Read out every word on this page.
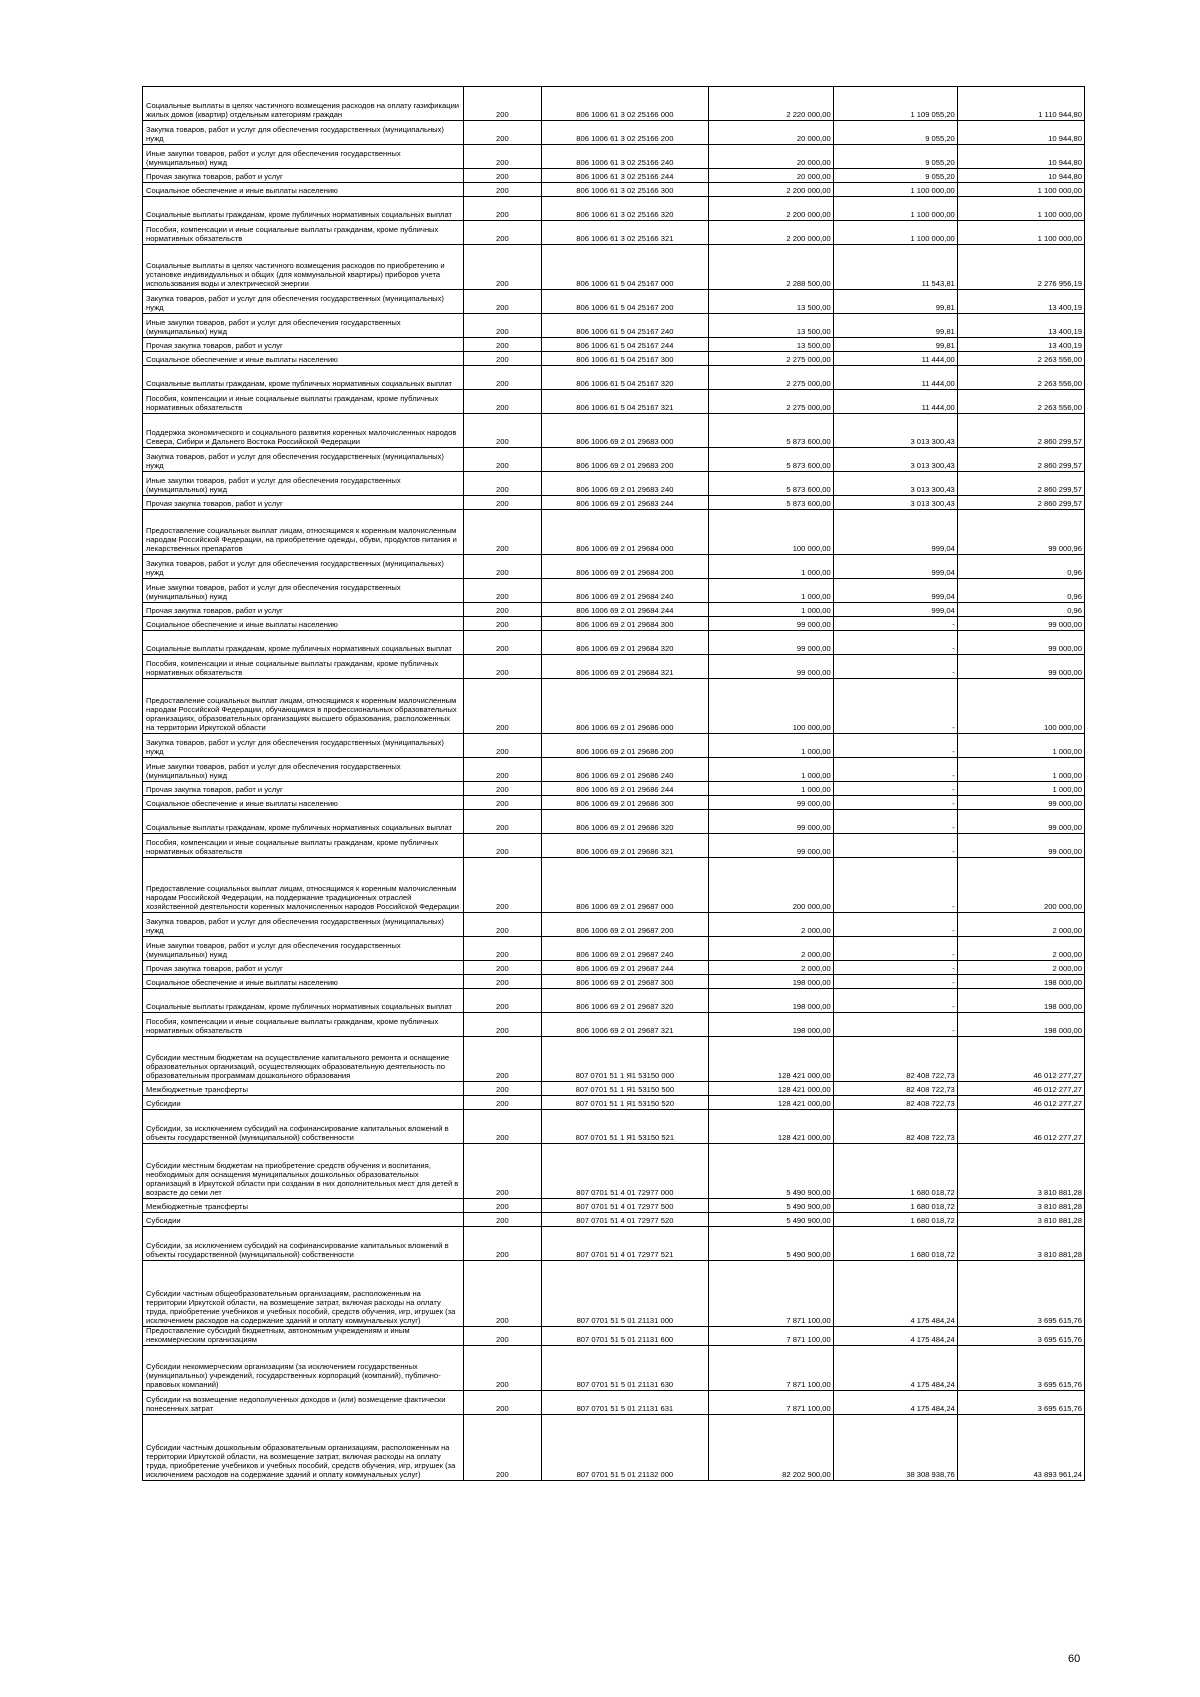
Социальные выплаты в целях частичного возмещения расходов на оплату газификации жилых домов (квартир) отдельным категориям граждан	200	806 1006 61 3 02 25166 000	2 220 000,00	1 109 055,20	1 110 944,80
Закупка товаров, работ и услуг для обеспечения государственных (муниципальных) нужд	200	806 1006 61 3 02 25166 200	20 000,00	9 055,20	10 944,80
Иные закупки товаров, работ и услуг для обеспечения государственных (муниципальных) нужд	200	806 1006 61 3 02 25166 240	20 000,00	9 055,20	10 944,80
Прочая закупка товаров, работ и услуг	200	806 1006 61 3 02 25166 244	20 000,00	9 055,20	10 944,80
Социальное обеспечение и иные выплаты населению	200	806 1006 61 3 02 25166 300	2 200 000,00	1 100 000,00	1 100 000,00
Социальные выплаты гражданам, кроме публичных нормативных социальных выплат	200	806 1006 61 3 02 25166 320	2 200 000,00	1 100 000,00	1 100 000,00
Пособия, компенсации и иные социальные выплаты гражданам, кроме публичных нормативных обязательств	200	806 1006 61 3 02 25166 321	2 200 000,00	1 100 000,00	1 100 000,00
Социальные выплаты в целях частичного возмещения расходов по приобретению и установке индивидуальных и общих (для коммунальной квартиры) приборов учета использования воды и электрической энергии	200	806 1006 61 5 04 25167 000	2 288 500,00	11 543,81	2 276 956,19
Закупка товаров, работ и услуг для обеспечения государственных (муниципальных) нужд	200	806 1006 61 5 04 25167 200	13 500,00	99,81	13 400,19
Иные закупки товаров, работ и услуг для обеспечения государственных (муниципальных) нужд	200	806 1006 61 5 04 25167 240	13 500,00	99,81	13 400,19
Прочая закупка товаров, работ и услуг	200	806 1006 61 5 04 25167 244	13 500,00	99,81	13 400,19
Социальное обеспечение и иные выплаты населению	200	806 1006 61 5 04 25167 300	2 275 000,00	11 444,00	2 263 556,00
Социальные выплаты гражданам, кроме публичных нормативных социальных выплат	200	806 1006 61 5 04 25167 320	2 275 000,00	11 444,00	2 263 556,00
Пособия, компенсации и иные социальные выплаты гражданам, кроме публичных нормативных обязательств	200	806 1006 61 5 04 25167 321	2 275 000,00	11 444,00	2 263 556,00
Поддержка экономического и социального развития коренных малочисленных народов Севера, Сибири и Дальнего Востока Российской Федерации	200	806 1006 69 2 01 29683 000	5 873 600,00	3 013 300,43	2 860 299,57
Закупка товаров, работ и услуг для обеспечения государственных (муниципальных) нужд	200	806 1006 69 2 01 29683 200	5 873 600,00	3 013 300,43	2 860 299,57
Иные закупки товаров, работ и услуг для обеспечения государственных (муниципальных) нужд	200	806 1006 69 2 01 29683 240	5 873 600,00	3 013 300,43	2 860 299,57
Прочая закупка товаров, работ и услуг	200	806 1006 69 2 01 29683 244	5 873 600,00	3 013 300,43	2 860 299,57
Предоставление социальных выплат лицам, относящимся к коренным малочисленным народам Российской Федерации, на приобретение одежды, обуви, продуктов питания и лекарственных препаратов	200	806 1006 69 2 01 29684 000	100 000,00	999,04	99 000,96
Закупка товаров, работ и услуг для обеспечения государственных (муниципальных) нужд	200	806 1006 69 2 01 29684 200	1 000,00	999,04	0,96
Иные закупки товаров, работ и услуг для обеспечения государственных (муниципальных) нужд	200	806 1006 69 2 01 29684 240	1 000,00	999,04	0,96
Прочая закупка товаров, работ и услуг	200	806 1006 69 2 01 29684 244	1 000,00	999,04	0,96
Социальное обеспечение и иные выплаты населению	200	806 1006 69 2 01 29684 300	99 000,00	-	99 000,00
Социальные выплаты гражданам, кроме публичных нормативных социальных выплат	200	806 1006 69 2 01 29684 320	99 000,00	-	99 000,00
Пособия, компенсации и иные социальные выплаты гражданам, кроме публичных нормативных обязательств	200	806 1006 69 2 01 29684 321	99 000,00	-	99 000,00
Предоставление социальных выплат лицам, относящимся к коренным малочисленным народам Российской Федерации, обучающимся в профессиональных образовательных организациях, образовательных организациях высшего образования, расположенных на территории Иркутской области	200	806 1006 69 2 01 29686 000	100 000,00	-	100 000,00
Закупка товаров, работ и услуг для обеспечения государственных (муниципальных) нужд	200	806 1006 69 2 01 29686 200	1 000,00	-	1 000,00
Иные закупки товаров, работ и услуг для обеспечения государственных (муниципальных) нужд	200	806 1006 69 2 01 29686 240	1 000,00	-	1 000,00
Прочая закупка товаров, работ и услуг	200	806 1006 69 2 01 29686 244	1 000,00	-	1 000,00
Социальное обеспечение и иные выплаты населению	200	806 1006 69 2 01 29686 300	99 000,00	-	99 000,00
Социальные выплаты гражданам, кроме публичных нормативных социальных выплат	200	806 1006 69 2 01 29686 320	99 000,00	-	99 000,00
Пособия, компенсации и иные социальные выплаты гражданам, кроме публичных нормативных обязательств	200	806 1006 69 2 01 29686 321	99 000,00	-	99 000,00
Предоставление социальных выплат лицам, относящимся к коренным малочисленным народам Российской Федерации, на поддержание традиционных отраслей хозяйственной деятельности коренных малочисленных народов Российской Федерации	200	806 1006 69 2 01 29687 000	200 000,00	-	200 000,00
Закупка товаров, работ и услуг для обеспечения государственных (муниципальных) нужд	200	806 1006 69 2 01 29687 200	2 000,00	-	2 000,00
Иные закупки товаров, работ и услуг для обеспечения государственных (муниципальных) нужд	200	806 1006 69 2 01 29687 240	2 000,00	-	2 000,00
Прочая закупка товаров, работ и услуг	200	806 1006 69 2 01 29687 244	2 000,00	-	2 000,00
Социальное обеспечение и иные выплаты населению	200	806 1006 69 2 01 29687 300	198 000,00	-	198 000,00
Социальные выплаты гражданам, кроме публичных нормативных социальных выплат	200	806 1006 69 2 01 29687 320	198 000,00	-	198 000,00
Пособия, компенсации и иные социальные выплаты гражданам, кроме публичных нормативных обязательств	200	806 1006 69 2 01 29687 321	198 000,00	-	198 000,00
Субсидии местным бюджетам на осуществление капитального ремонта и оснащение образовательных организаций, осуществляющих образовательную деятельность по образовательным программам дошкольного образования	200	807 0701 51 1 Я1 53150 000	128 421 000,00	82 408 722,73	46 012 277,27
Межбюджетные трансферты	200	807 0701 51 1 Я1 53150 500	128 421 000,00	82 408 722,73	46 012 277,27
Субсидии	200	807 0701 51 1 Я1 53150 520	128 421 000,00	82 408 722,73	46 012 277,27
Субсидии, за исключением субсидий на софинансирование капитальных вложений в объекты государственной (муниципальной) собственности	200	807 0701 51 1 Я1 53150 521	128 421 000,00	82 408 722,73	46 012 277,27
Субсидии местным бюджетам на приобретение средств обучения и воспитания, необходимых для оснащения муниципальных дошкольных образовательных организаций в Иркутской области при создании в них дополнительных мест для детей в возрасте до семи лет	200	807 0701 51 4 01 72977 000	5 490 900,00	1 680 018,72	3 810 881,28
Межбюджетные трансферты	200	807 0701 51 4 01 72977 500	5 490 900,00	1 680 018,72	3 810 881,28
Субсидии	200	807 0701 51 4 01 72977 520	5 490 900,00	1 680 018,72	3 810 881,28
Субсидии, за исключением субсидий на софинансирование капитальных вложений в объекты государственной (муниципальной) собственности	200	807 0701 51 4 01 72977 521	5 490 900,00	1 680 018,72	3 810 881,28
Субсидии частным общеобразовательным организациям, расположенным на территории Иркутской области, на возмещение затрат, включая расходы на оплату труда, приобретение учебников и учебных пособий, средств обучения, игр, игрушек (за исключением расходов на содержание зданий и оплату коммунальных услуг)	200	807 0701 51 5 01 21131 000	7 871 100,00	4 175 484,24	3 695 615,76
Предоставление субсидий бюджетным, автономным учреждениям и иным некоммерческим организациям	200	807 0701 51 5 01 21131 600	7 871 100,00	4 175 484,24	3 695 615,76
Субсидии некоммерческим организациям (за исключением государственных (муниципальных) учреждений, государственных корпораций (компаний), публично-правовых компаний)	200	807 0701 51 5 01 21131 630	7 871 100,00	4 175 484,24	3 695 615,76
Субсидии на возмещение недополученных доходов и (или) возмещение фактически понесенных затрат	200	807 0701 51 5 01 21131 631	7 871 100,00	4 175 484,24	3 695 615,76
Субсидии частным дошкольным образовательным организациям, расположенным на территории Иркутской области, на возмещение затрат, включая расходы на оплату труда, приобретение учебников и учебных пособий, средств обучения, игр, игрушек (за исключением расходов на содержание зданий и оплату коммунальных услуг)	200	807 0701 51 5 01 21132 000	82 202 900,00	38 308 938,76	43 893 961,24
60
